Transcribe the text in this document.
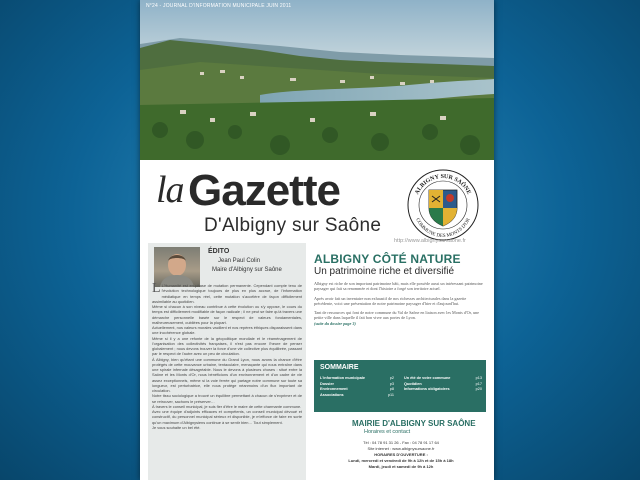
N°24 - JOURNAL D'INFORMATION MUNICIPALE JUIN 2011
la Gazette
D'Albigny sur Saône
ALBIGNY SUR SAÔNE
COMMUNE DES MONTS D'OR
http://www.albignysursaone.fr
ÉDITO
Jean Paul Colin
Maire d'Albigny sur Saône

L L'Humanité est en phase de mutation permanente. Cependant compte tenu de l'évolution technologique toujours de plus en plus accrue, de l'information médiatique en temps réel, cette mutation s'accélère de façon difficilement assimilable au quotidien.

Même si chacun à son niveau contribue à cette évolution ou s'y oppose, le cours du temps est difficilement modifiable de façon radicale ; il ne peut se faire qu'à travers une démarche personnelle basée sur le respect de valeurs fondamentales, malheureusement, oubliées pour la plupart.

Actuellement, nos valeurs morales vacillent et nos repères éthiques disparaissent dans une incohérence globale.

Même si il y a une refonte de la géopolitique mondiale et le réaménagement de l'organisation des collectivités françaises, il n'est pas encore l'heure de penser globalement ; nous devons trouver la force d'une vie collective plus équilibrée, passant par le respect de l'autre avec un peu de circulation.

À Albigny, bien qu'étant une commune du Grand Lyon, nous avons la chance d'être protégés de cette mouvance urbaine, tentaculaire, menaçante qui nous entraîne dans une spirale infernale désagréable. Nous le devons à plusieurs choses : situé entre la Saône et les Monts d'Or, nous bénéficions d'un environnement et d'un cadre de vie assez exceptionnels, même si la voie ferrée qui partage notre commune sur toute sa longueur, est perturbatrice, elle nous protège néanmoins d'un flux important de circulation.

Notre tissu sociologique a trouvé un équilibre permettant à chacun de s'exprimer et de se retrouver, sachons le préserver…

À travers le conseil municipal, je suis fier d'être le maire de cette charmante commune.

Avec une équipe d'adjoints efficaces et compétents, un conseil municipal dévoué et constructif, du personnel municipal sérieux et disponible, je m'efforce de faire en sorte qu'un maximum d'Albignysiens continue à se sentir bien… Tout simplement.

Je vous souhaite un bel été.

ALBIGNY CÔTÉ NATURE
Un patrimoine riche et diversifié

Albigny est riche de son important patrimoine bâti, mais elle possède aussi un intéressant patrimoine paysager qui fait sa renommée et dont l'histoire a forgé son territoire actuel.

Après avoir fait un inventaire non exhaustif de nos richesses architecturales dans la gazette précédente, voici une présentation de notre patrimoine paysager d'hier et d'aujourd'hui.

Tant de ressources qui font de notre commune du Val de Saône en liaison avec les Monts d'Or, une petite ville dans laquelle il fait bon vivre aux portes de Lyon.
(suite du dossier page 3)

SOMMAIRE
L'information municipale	p2
Dossier	p3
Environnement	p8
Associations	p11
Un été de votre commune	p13
Quotidien	p17
Informations obligatoires	p20
MAIRIE D'ALBIGNY SUR SAÔNE
Horaires et contact
Tél : 04 78 91 31 26 - Fax : 04 78 91 17 64
Site internet : www.albignysursaone.fr
HORAIRES D'OUVERTURE :
Lundi, mercredi et vendredi de 9h à 12h et de 15h à 18h
Mardi, jeudi et samedi de 9h à 12h
